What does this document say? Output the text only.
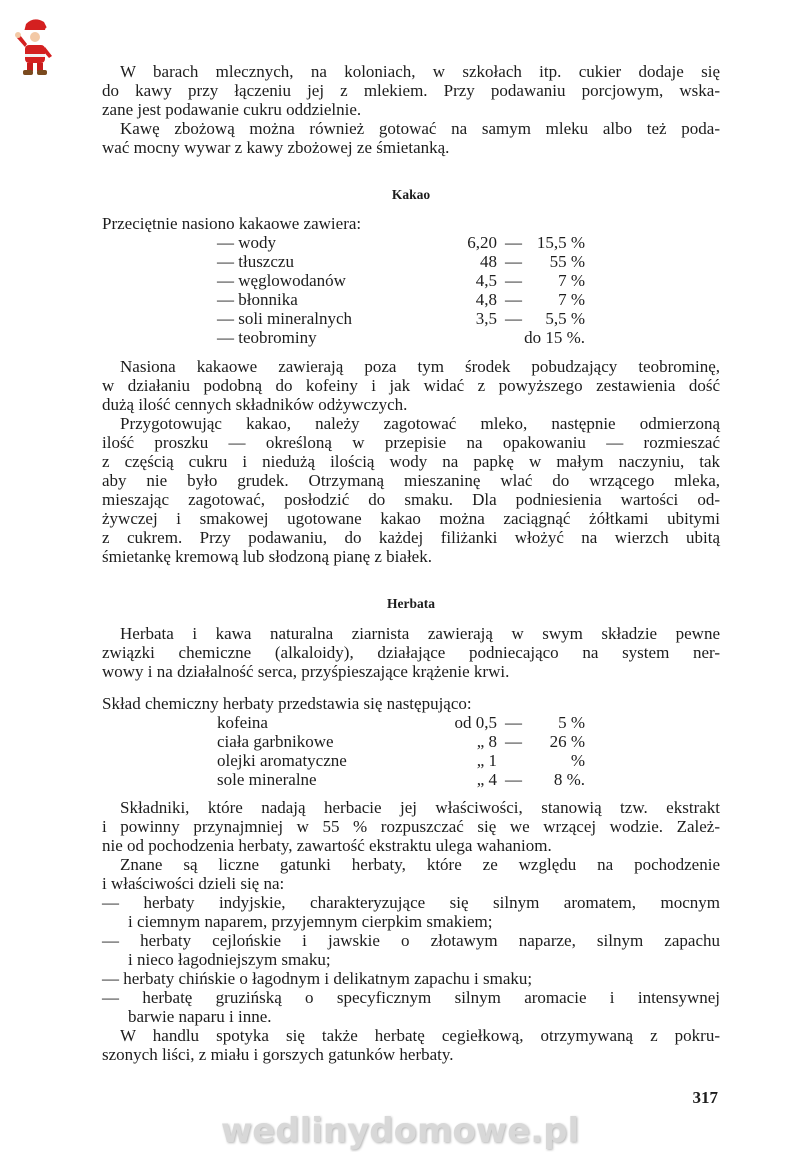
W barach mlecznych, na koloniach, w szkołach itp. cukier dodaje się
do kawy przy łączeniu jej z mlekiem. Przy podawaniu porcjowym, wska-
zane jest podawanie cukru oddzielnie.
Kawę zbożową można również gotować na samym mleku albo też poda-
wać mocny wywar z kawy zbożowej ze śmietanką.
Kakao
Przeciętnie nasiono kakaowe zawiera:
— wody	6,20 — 15,5 %
— tłuszczu	48 — 55 %
— węglowodanów	4,5 — 7 %
— błonnika	4,8 — 7 %
— soli mineralnych	3,5 — 5,5 %
— teobrominy	do 15 %.
Nasiona kakaowe zawierają poza tym środek pobudzający teobrominę,
w działaniu podobną do kofeiny i jak widać z powyższego zestawienia dość
dużą ilość cennych składników odżywczych.
Przygotowując kakao, należy zagotować mleko, następnie odmierzoną
ilość proszku — określoną w przepisie na opakowaniu — rozmieszać
z częścią cukru i niedużą ilością wody na papkę w małym naczyniu, tak
aby nie było grudek. Otrzymaną mieszaninę wlać do wrzącego mleka,
mieszając zagotować, posłodzić do smaku. Dla podniesienia wartości od-
żywczej i smakowej ugotowane kakao można zaciągnąć żółtkami ubitymi
z cukrem. Przy podawaniu, do każdej filiżanki włożyć na wierzch ubitą
śmietankę kremową lub słodzoną pianę z białek.
Herbata
Herbata i kawa naturalna ziarnista zawierają w swym składzie pewne
związki chemiczne (alkaloidy), działające podniecająco na system ner-
wowy i na działalność serca, przyśpieszające krążenie krwi.
Skład chemiczny herbaty przedstawia się następująco:
kofeina	od 0,5 — 5 %
ciała garbnikowe	„ 8 — 26 %
olejki aromatyczne	„ 1	%
sole mineralne	„ 4 — 8 %.
Składniki, które nadają herbacie jej właściwości, stanowią tzw. ekstrakt
i powinny przynajmniej w 55 % rozpuszczać się we wrzącej wodzie. Zależ-
nie od pochodzenia herbaty, zawartość ekstraktu ulega wahaniom.
Znane są liczne gatunki herbaty, które ze względu na pochodzenie
i właściwości dzieli się na:
— herbaty indyjskie, charakteryzujące się silnym aromatem, mocnym
i ciemnym naparem, przyjemnym cierpkim smakiem;
— herbaty cejlońskie i jawskie o złotawym naparze, silnym zapachu
i nieco łagodniejszym smaku;
— herbaty chińskie o łagodnym i delikatnym zapachu i smaku;
— herbatę gruzińską o specyficznym silnym aromacie i intensywnej
barwie naparu i inne.
W handlu spotyka się także herbatę cegiełkową, otrzymywaną z pokru-
szonych liści, z miału i gorszych gatunków herbaty.
317
wedlinydomowe.pl
